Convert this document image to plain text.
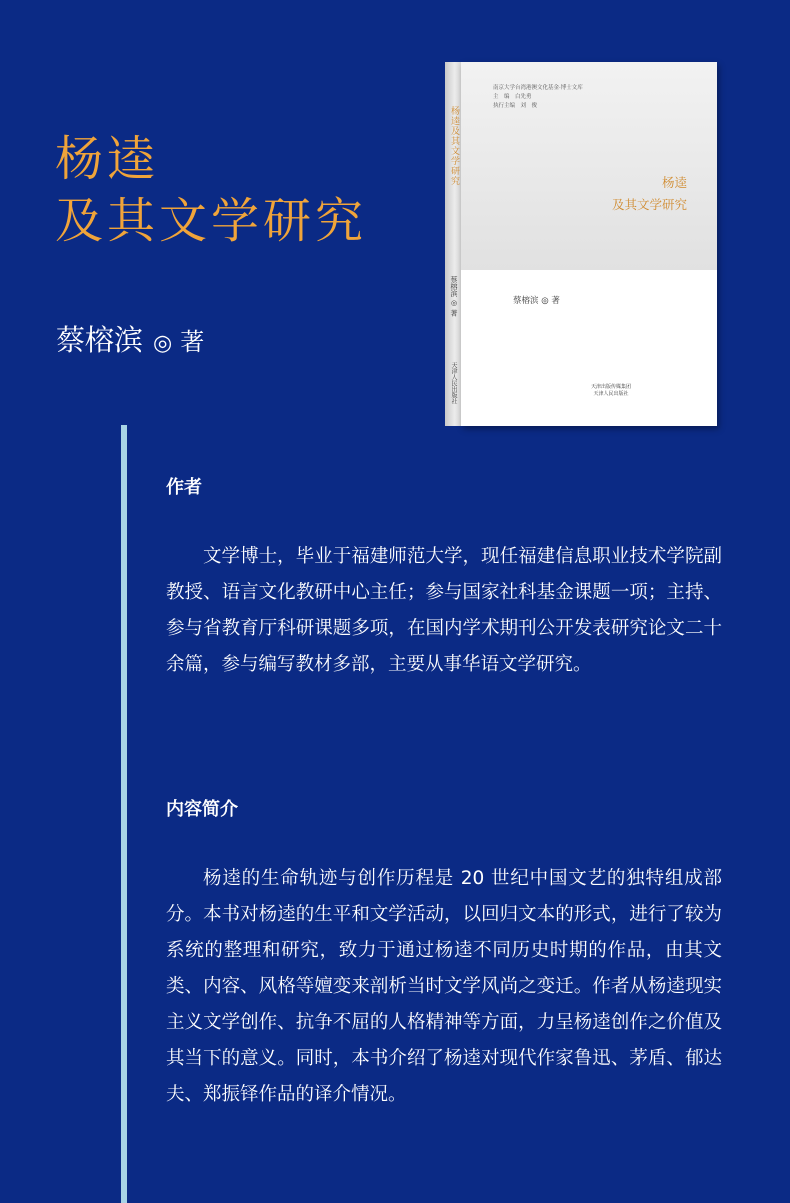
杨逵
及其文学研究
蔡榕滨 ◎ 著
杨逵及其文学研究
蔡榕滨 ◎ 著
天津人民出版社
南京大学台湾港澳文化基金·博士文库
主　编　白先勇
执行主编　刘　俊
杨逵
及其文学研究
蔡榕滨 ◎ 著
天津出版传媒集团
天津人民出版社
作者

文学博士，毕业于福建师范大学，现任福建信息职业技术学院副教授、语言文化教研中心主任；参与国家社科基金课题一项；主持、参与省教育厅科研课题多项，在国内学术期刊公开发表研究论文二十余篇，参与编写教材多部，主要从事华语文学研究。

内容简介

杨逵的生命轨迹与创作历程是 20 世纪中国文艺的独特组成部分。本书对杨逵的生平和文学活动，以回归文本的形式，进行了较为系统的整理和研究，致力于通过杨逵不同历史时期的作品，由其文类、内容、风格等嬗变来剖析当时文学风尚之变迁。作者从杨逵现实主义文学创作、抗争不屈的人格精神等方面，力呈杨逵创作之价值及其当下的意义。同时，本书介绍了杨逵对现代作家鲁迅、茅盾、郁达夫、郑振铎作品的译介情况。
